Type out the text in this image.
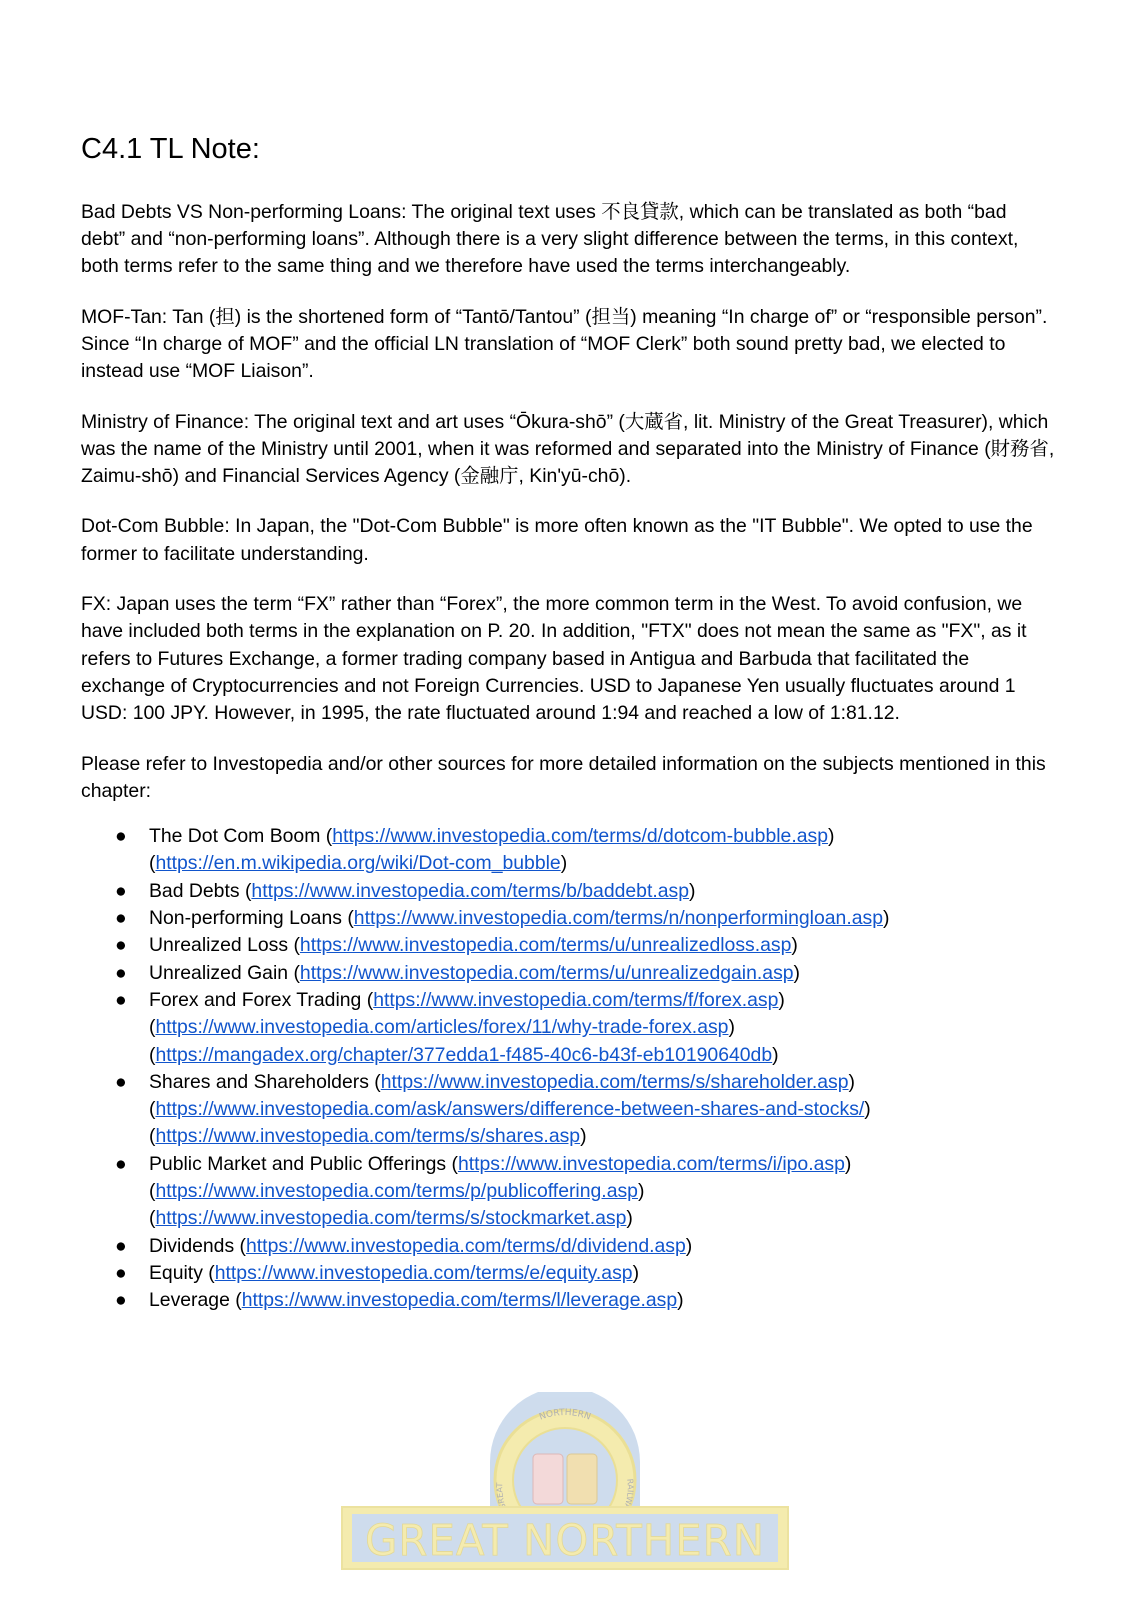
C4.1 TL Note:

Bad Debts VS Non-performing Loans: The original text uses 不良貸款, which can be translated as both “bad debt” and “non-performing loans”. Although there is a very slight difference between the terms, in this context, both terms refer to the same thing and we therefore have used the terms interchangeably.

MOF-Tan: Tan (担) is the shortened form of “Tantō/Tantou” (担当) meaning “In charge of” or “responsible person”. Since “In charge of MOF” and the official LN translation of “MOF Clerk” both sound pretty bad, we elected to instead use “MOF Liaison”.

Ministry of Finance: The original text and art uses “Ōkura-shō” (大蔵省, lit. Ministry of the Great Treasurer), which was the name of the Ministry until 2001, when it was reformed and separated into the Ministry of Finance (財務省, Zaimu-shō) and Financial Services Agency (金融庁, Kin'yū-chō).

Dot-Com Bubble: In Japan, the "Dot-Com Bubble" is more often known as the "IT Bubble". We opted to use the former to facilitate understanding.

FX: Japan uses the term “FX” rather than “Forex”, the more common term in the West. To avoid confusion, we have included both terms in the explanation on P. 20. In addition, "FTX" does not mean the same as "FX", as it refers to Futures Exchange, a former trading company based in Antigua and Barbuda that facilitated the exchange of Cryptocurrencies and not Foreign Currencies. USD to Japanese Yen usually fluctuates around 1 USD: 100 JPY. However, in 1995, the rate fluctuated around 1:94 and reached a low of 1:81.12.

Please refer to Investopedia and/or other sources for more detailed information on the subjects mentioned in this chapter:

● The Dot Com Boom (https://www.investopedia.com/terms/d/dotcom-bubble.asp)
(https://en.m.wikipedia.org/wiki/Dot-com_bubble)
● Bad Debts (https://www.investopedia.com/terms/b/baddebt.asp)
● Non-performing Loans (https://www.investopedia.com/terms/n/nonperformingloan.asp)
● Unrealized Loss (https://www.investopedia.com/terms/u/unrealizedloss.asp)
● Unrealized Gain (https://www.investopedia.com/terms/u/unrealizedgain.asp)
● Forex and Forex Trading (https://www.investopedia.com/terms/f/forex.asp)
(https://www.investopedia.com/articles/forex/11/why-trade-forex.asp)
(https://mangadex.org/chapter/377edda1-f485-40c6-b43f-eb10190640db)
● Shares and Shareholders (https://www.investopedia.com/terms/s/shareholder.asp)
(https://www.investopedia.com/ask/answers/difference-between-shares-and-stocks/)
(https://www.investopedia.com/terms/s/shares.asp)
● Public Market and Public Offerings (https://www.investopedia.com/terms/i/ipo.asp)
(https://www.investopedia.com/terms/p/publicoffering.asp)
(https://www.investopedia.com/terms/s/stockmarket.asp)
● Dividends (https://www.investopedia.com/terms/d/dividend.asp)
● Equity (https://www.investopedia.com/terms/e/equity.asp)
● Leverage (https://www.investopedia.com/terms/l/leverage.asp)
NORTHERN
REAT
RAILW
GREAT NORTHERN
